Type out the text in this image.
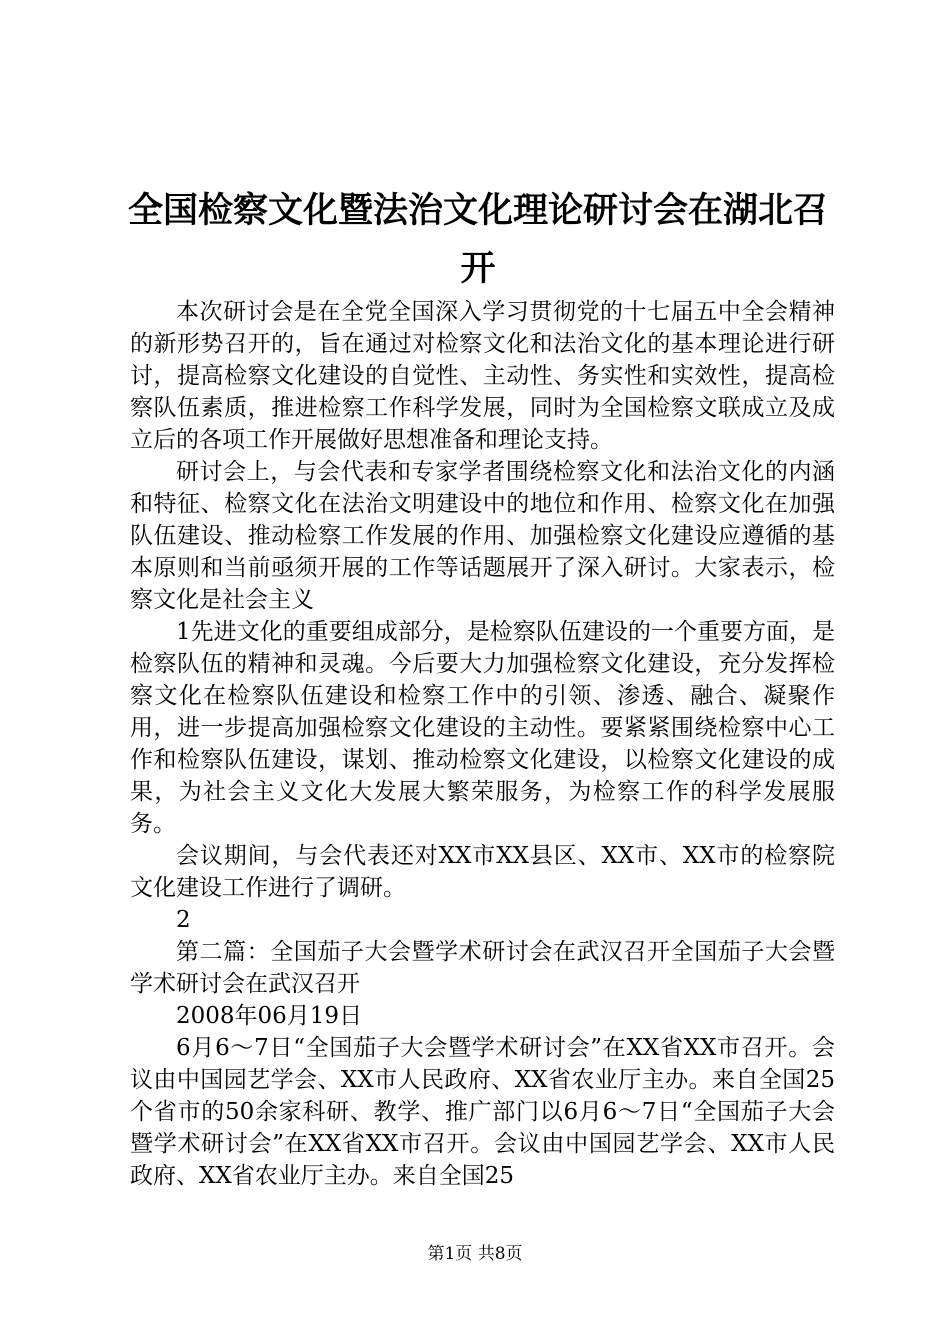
全国检察文化暨法治文化理论研讨会在湖北召开

本次研讨会是在全党全国深入学习贯彻党的十七届五中全会精神的新形势召开的，旨在通过对检察文化和法治文化的基本理论进行研讨，提高检察文化建设的自觉性、主动性、务实性和实效性，提高检察队伍素质，推进检察工作科学发展，同时为全国检察文联成立及成立后的各项工作开展做好思想准备和理论支持。

研讨会上，与会代表和专家学者围绕检察文化和法治文化的内涵和特征、检察文化在法治文明建设中的地位和作用、检察文化在加强队伍建设、推动检察工作发展的作用、加强检察文化建设应遵循的基本原则和当前亟须开展的工作等话题展开了深入研讨。大家表示，检察文化是社会主义

1先进文化的重要组成部分，是检察队伍建设的一个重要方面，是检察队伍的精神和灵魂。今后要大力加强检察文化建设，充分发挥检察文化在检察队伍建设和检察工作中的引领、渗透、融合、凝聚作用，进一步提高加强检察文化建设的主动性。要紧紧围绕检察中心工作和检察队伍建设，谋划、推动检察文化建设，以检察文化建设的成果，为社会主义文化大发展大繁荣服务，为检察工作的科学发展服务。

会议期间，与会代表还对XX市XX县区、XX市、XX市的检察院文化建设工作进行了调研。

2

第二篇：全国茄子大会暨学术研讨会在武汉召开全国茄子大会暨学术研讨会在武汉召开

2008年06月19日

6月6～7日“全国茄子大会暨学术研讨会”在XX省XX市召开。会议由中国园艺学会、XX市人民政府、XX省农业厅主办。来自全国25个省市的50余家科研、教学、推广部门以6月6～7日“全国茄子大会暨学术研讨会”在XX省XX市召开。会议由中国园艺学会、XX市人民政府、XX省农业厅主办。来自全国25

第1页 共8页
